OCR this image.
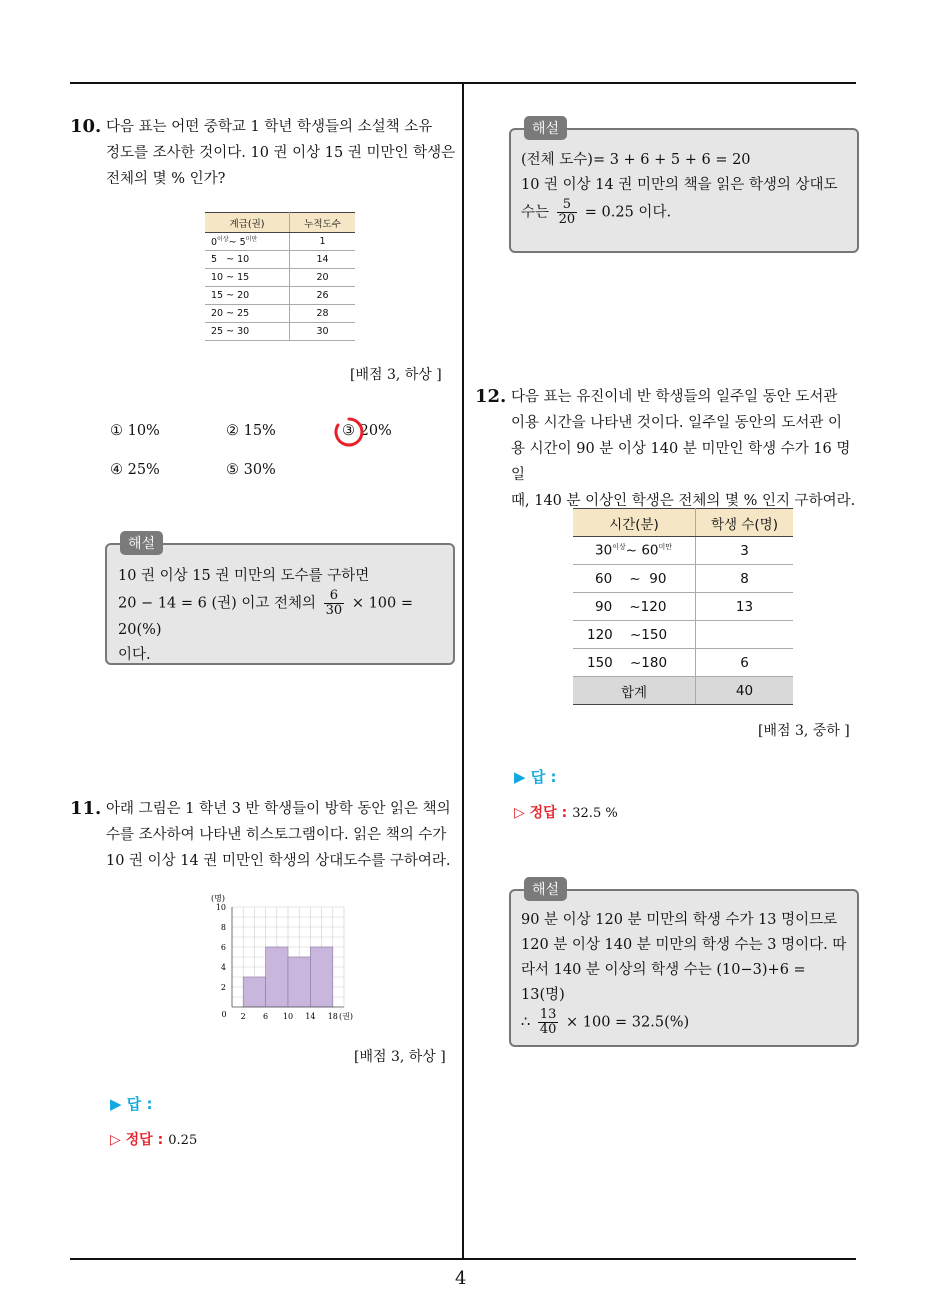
4
10. 다음 표는 어떤 중학교 1 학년 학생들의 소설책 소유
정도를 조사한 것이다. 10 권 이상 15 권 미만인 학생은
전체의 몇 % 인가?
계급(권)	누적도수
$0^{이상}\sim$ $5^{미만}$	1
5 ~ 10	14
10 ~ 15	20
15 ~ 20	26
20 ~ 25	28
25 ~ 30	30
[배점 3, 하상 ]
① 10%	② 15%	③ 20%
④ 25%	⑤ 30%
해설
10 권 이상 15 권 미만의 도수를 구하면
20 − 14 = 6 (권) 이고 전체의 $\frac{6}{30} \times 100 = 20(\%)$
이다.
11. 아래 그림은 1 학년 3 반 학생들이 방학 동안 읽은 책의
수를 조사하여 나타낸 히스토그램이다. 읽은 책의 수가
10 권 이상 14 권 미만인 학생의 상대도수를 구하여라.
0
2
4
6
8
10
2 6 10 14 18 (권)
(명)
[배점 3, 하상 ]
▶ 답 :
▷ 정답 : 0.25
해설
(전체 도수)= 3 + 6 + 5 + 6 = 20
10 권 이상 14 권 미만의 책을 읽은 학생의 상대도
수는 $\frac{5}{20} = 0.25$ 이다.
12. 다음 표는 유진이네 반 학생들의 일주일 동안 도서관
이용 시간을 나타낸 것이다. 일주일 동안의 도서관 이
용 시간이 90 분 이상 140 분 미만인 학생 수가 16 명일
때, 140 분 이상인 학생은 전체의 몇 % 인지 구하여라.
시간(분)	학생 수(명)
$30^{이상}\sim$ $60^{미만}$	3
60 ~ 90	8
90 ~120	13
120 ~150	
150 ~180	6
합계	40
[배점 3, 중하 ]
▶ 답 :
▷ 정답 : 32.5 %
해설
90 분 이상 120 분 미만의 학생 수가 13 명이므로
120 분 이상 140 분 미만의 학생 수는 3 명이다. 따
라서 140 분 이상의 학생 수는 (10−3)+6 = 13(명)
∴ $\frac{13}{40} \times 100 = 32.5(\%)$
